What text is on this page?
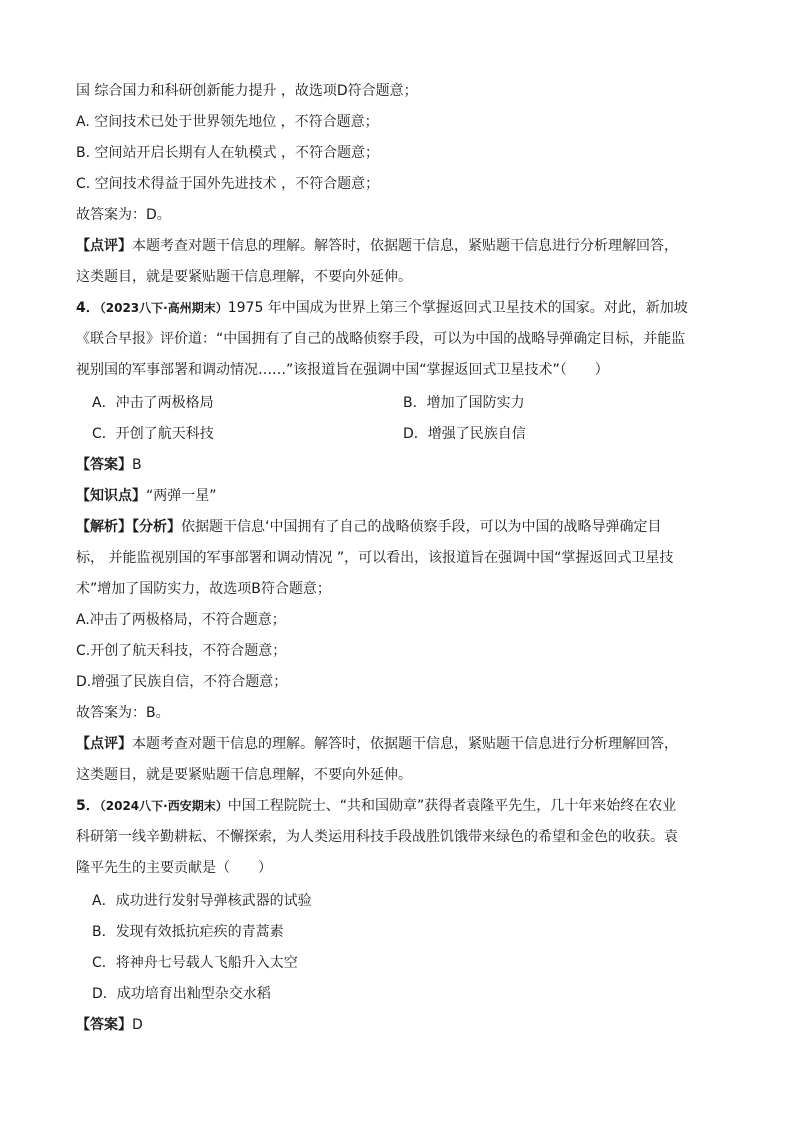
国 综合国力和科研创新能力提升 ，故选项D符合题意；
A. 空间技术已处于世界领先地位 ，不符合题意；
B. 空间站开启长期有人在轨模式 ，不符合题意；
C. 空间技术得益于国外先进技术 ，不符合题意；
故答案为：D。
【点评】本题考查对题干信息的理解。解答时，依据题干信息，紧贴题干信息进行分析理解回答，
这类题目，就是要紧贴题干信息理解，不要向外延伸。
4．（2023八下·高州期末）1975 年中国成为世界上第三个掌握返回式卫星技术的国家。对此，新加坡
《联合早报》评价道：“中国拥有了自己的战略侦察手段，可以为中国的战略导弹确定目标，并能监
视别国的军事部署和调动情况……”该报道旨在强调中国“掌握返回式卫星技术”（　　）
A．冲击了两极格局	B．增加了国防实力
C．开创了航天科技	D．增强了民族自信
【答案】B
【知识点】“两弹一星”
【解析】【分析】依据题干信息‘中国拥有了自己的战略侦察手段，可以为中国的战略导弹确定目
标， 并能监视别国的军事部署和调动情况 ”，可以看出，该报道旨在强调中国“掌握返回式卫星技
术”增加了国防实力，故选项B符合题意；
A.冲击了两极格局，不符合题意；
C.开创了航天科技，不符合题意；
D.增强了民族自信，不符合题意；
故答案为：B。
【点评】本题考查对题干信息的理解。解答时，依据题干信息，紧贴题干信息进行分析理解回答，
这类题目，就是要紧贴题干信息理解，不要向外延伸。
5．（2024八下·西安期末）中国工程院院士、“共和国勋章”获得者袁隆平先生，几十年来始终在农业
科研第一线辛勤耕耘、不懈探索，为人类运用科技手段战胜饥饿带来绿色的希望和金色的收获。袁
隆平先生的主要贡献是（　　）
A．成功进行发射导弹核武器的试验
B．发现有效抵抗疟疾的青蒿素
C．将神舟七号载人飞船升入太空
D．成功培育出籼型杂交水稻
【答案】D
